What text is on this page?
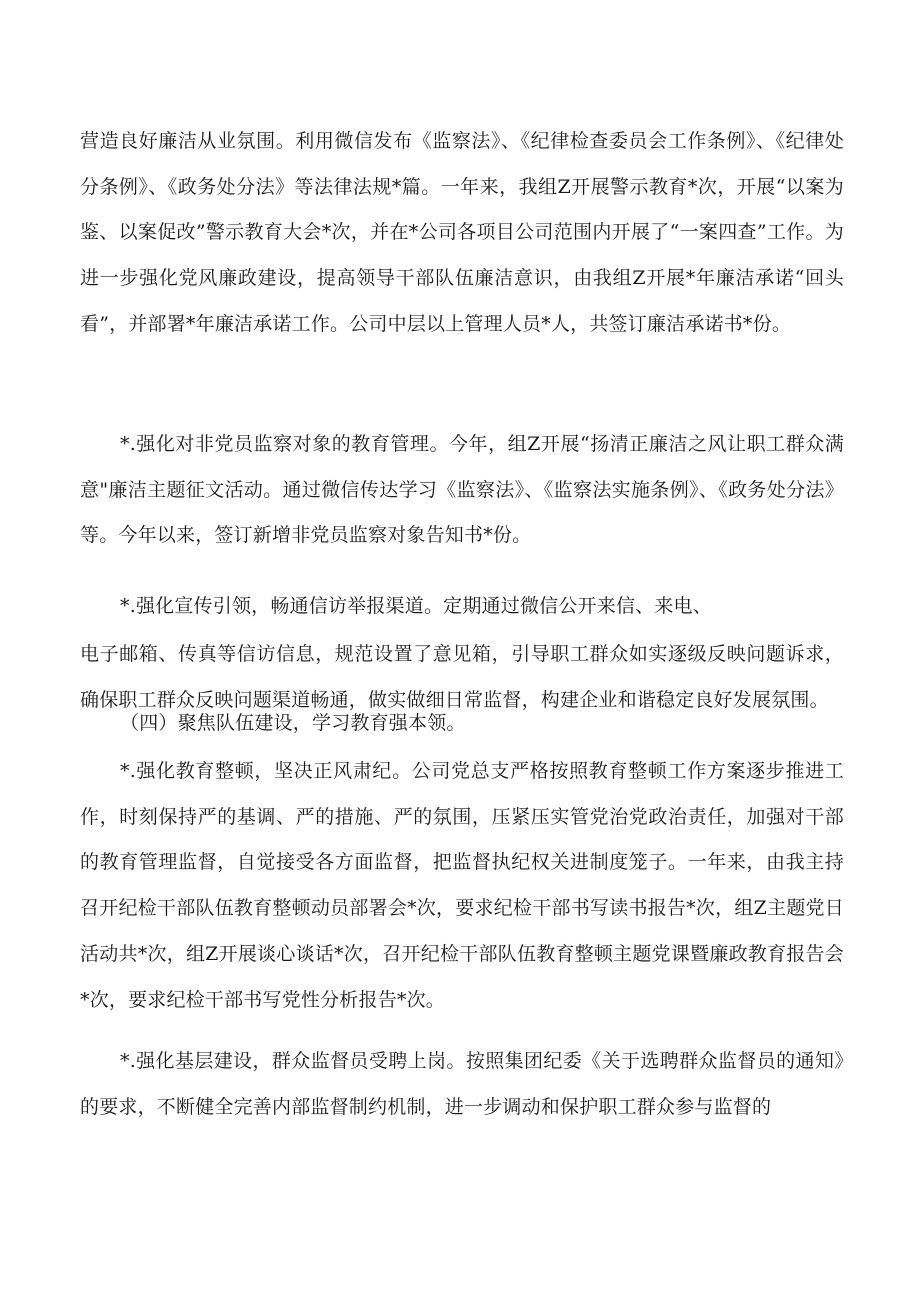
营造良好廉洁从业氛围。利用微信发布《监察法》、《纪律检查委员会工作条例》、《纪律处分条例》、《政务处分法》等法律法规*篇。一年来，我组Z开展警示教育*次，开展“以案为鉴、以案促改”警示教育大会*次，并在*公司各项目公司范围内开展了“一案四查”工作。为进一步强化党风廉政建设，提高领导干部队伍廉洁意识，由我组Z开展*年廉洁承诺“回头看”，并部署*年廉洁承诺工作。公司中层以上管理人员*人，共签订廉洁承诺书*份。

*.强化对非党员监察对象的教育管理。今年，组Z开展“扬清正廉洁之风让职工群众满意"廉洁主题征文活动。通过微信传达学习《监察法》、《监察法实施条例》、《政务处分法》等。今年以来，签订新增非党员监察对象告知书*份。

*.强化宣传引领，畅通信访举报渠道。定期通过微信公开来信、来电、

电子邮箱、传真等信访信息，规范设置了意见箱，引导职工群众如实逐级反映问题诉求，确保职工群众反映问题渠道畅通，做实做细日常监督，构建企业和谐稳定良好发展氛围。

（四）聚焦队伍建设，学习教育强本领。

*.强化教育整顿，坚决正风肃纪。公司党总支严格按照教育整顿工作方案逐步推进工作，时刻保持严的基调、严的措施、严的氛围，压紧压实管党治党政治责任，加强对干部的教育管理监督，自觉接受各方面监督，把监督执纪权关进制度笼子。一年来，由我主持召开纪检干部队伍教育整顿动员部署会*次，要求纪检干部书写读书报告*次，组Z主题党日活动共*次，组Z开展谈心谈话*次，召开纪检干部队伍教育整顿主题党课暨廉政教育报告会*次，要求纪检干部书写党性分析报告*次。

*.强化基层建设，群众监督员受聘上岗。按照集团纪委《关于选聘群众监督员的通知》的要求，不断健全完善内部监督制约机制，进一步调动和保护职工群众参与监督的
